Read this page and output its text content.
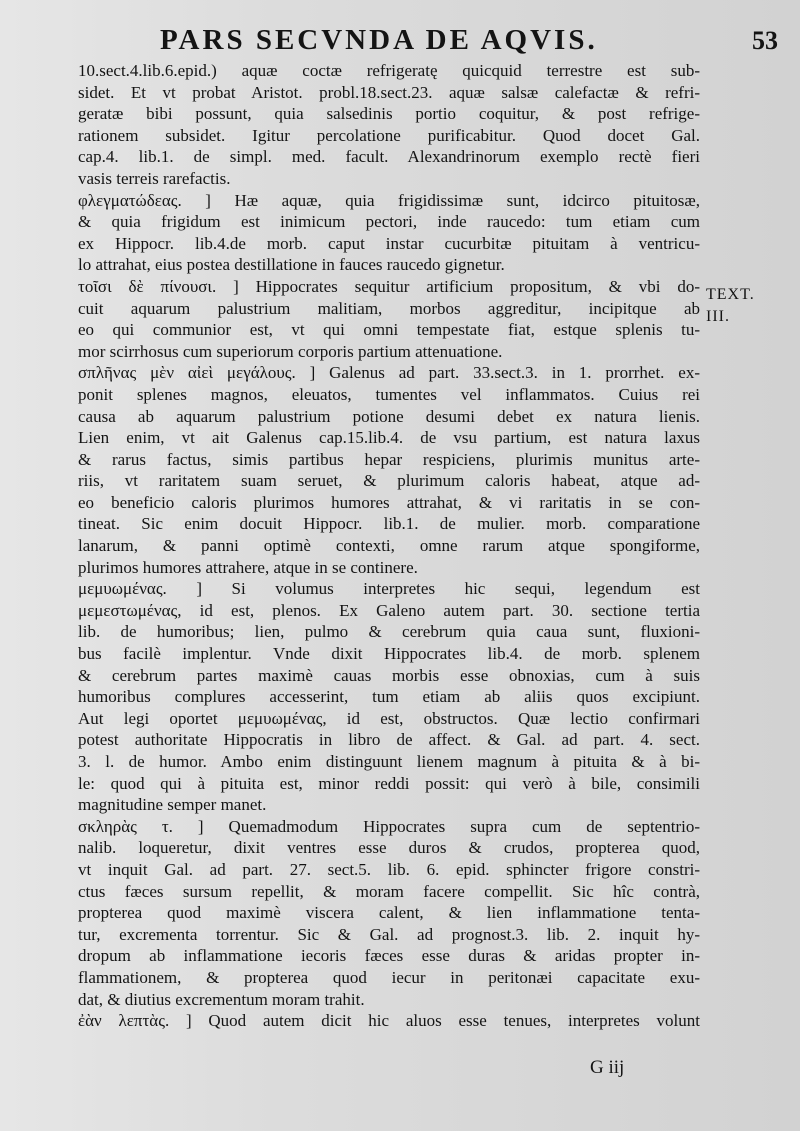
PARS SECVNDA DE AQVIS.	53
10.sect.4.lib.6.epid.) aquæ coctæ refrigeratę quicquid terrestre est sub-
sidet. Et vt probat Aristot. probl.18.sect.23. aquæ salsæ calefactæ & refri-
geratæ bibi possunt, quia salsedinis portio coquitur, & post refrige-
rationem subsidet. Igitur percolatione purificabitur. Quod docet Gal.
cap.4. lib.1. de simpl. med. facult. Alexandrinorum exemplo rectè fieri
vasis terreis rarefactis.
φλεγματώδεας. ] Hæ aquæ, quia frigidissimæ sunt, idcirco pituitosæ,
& quia frigidum est inimicum pectori, inde raucedo: tum etiam cum
ex Hippocr. lib.4.de morb. caput instar cucurbitæ pituitam à ventricu-
lo attrahat, eius postea destillatione in fauces raucedo gignetur.
τοῖσι δὲ πίνουσι. ] Hippocrates sequitur artificium propositum, & vbi do-
cuit aquarum palustrium malitiam, morbos aggreditur, incipitque ab
eo qui communior est, vt qui omni tempestate fiat, estque splenis tu-
mor scirrhosus cum superiorum corporis partium attenuatione.
σπλῆνας μὲν αἰεὶ μεγάλους. ] Galenus ad part. 33.sect.3. in 1. prorrhet. ex-
ponit splenes magnos, eleuatos, tumentes vel inflammatos. Cuius rei
causa ab aquarum palustrium potione desumi debet ex natura lienis.
Lien enim, vt ait Galenus cap.15.lib.4. de vsu partium, est natura laxus
& rarus factus, simis partibus hepar respiciens, plurimis munitus arte-
riis, vt raritatem suam seruet, & plurimum caloris habeat, atque ad-
eo beneficio caloris plurimos humores attrahat, & vi raritatis in se con-
tineat. Sic enim docuit Hippocr. lib.1. de mulier. morb. comparatione
lanarum, & panni optimè contexti, omne rarum atque spongiforme,
plurimos humores attrahere, atque in se continere.
μεμυωμένας. ] Si volumus interpretes hic sequi, legendum est
μεμεστωμένας, id est, plenos. Ex Galeno autem part. 30. sectione tertia
lib. de humoribus; lien, pulmo & cerebrum quia caua sunt, fluxioni-
bus facilè implentur. Vnde dixit Hippocrates lib.4. de morb. splenem
& cerebrum partes maximè cauas morbis esse obnoxias, cum à suis
humoribus complures accesserint, tum etiam ab aliis quos excipiunt.
Aut legi oportet μεμυωμένας, id est, obstructos. Quæ lectio confirmari
potest authoritate Hippocratis in libro de affect. & Gal. ad part. 4. sect.
3. l. de humor. Ambo enim distinguunt lienem magnum à pituita & à bi-
le: quod qui à pituita est, minor reddi possit: qui verò à bile, consimili
magnitudine semper manet.
σκληρὰς τ. ] Quemadmodum Hippocrates supra cum de septentrio-
nalib. loqueretur, dixit ventres esse duros & crudos, propterea quod,
vt inquit Gal. ad part. 27. sect.5. lib. 6. epid. sphincter frigore constri-
ctus fæces sursum repellit, & moram facere compellit. Sic hîc contrà,
propterea quod maximè viscera calent, & lien inflammatione tenta-
tur, excrementa torrentur. Sic & Gal. ad prognost.3. lib. 2. inquit hy-
dropum ab inflammatione iecoris fæces esse duras & aridas propter in-
flammationem, & propterea quod iecur in peritonæi capacitate exu-
dat, & diutius excrementum moram trahit.
ἐὰν λεπτὰς. ] Quod autem dicit hic aluos esse tenues, interpretes volunt
TEXT.
III.
G iij
